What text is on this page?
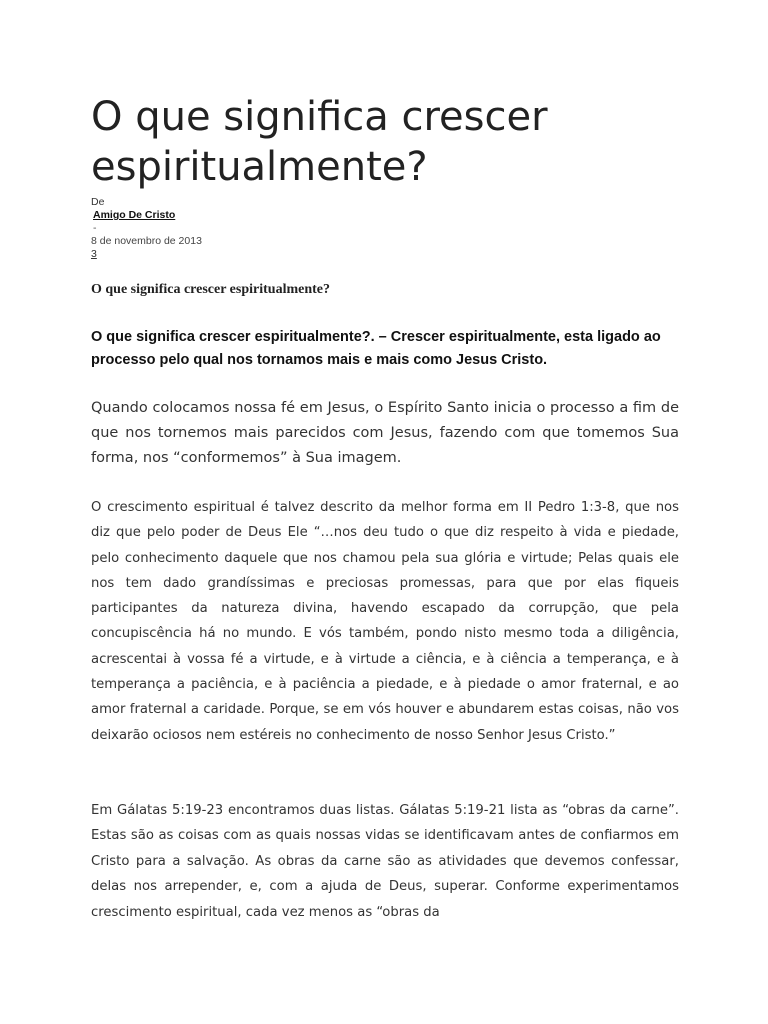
O que significa crescer espiritualmente?
De
Amigo De Cristo
-
8 de novembro de 2013
3

O que significa crescer espiritualmente?

O que significa crescer espiritualmente?. – Crescer espiritualmente, esta ligado ao processo pelo qual nos tornamos mais e mais como Jesus Cristo.

Quando colocamos nossa fé em Jesus, o Espírito Santo inicia o processo a fim de que nos tornemos mais parecidos com Jesus, fazendo com que tomemos Sua forma, nos “conformemos” à Sua imagem.

O crescimento espiritual é talvez descrito da melhor forma em II Pedro 1:3-8, que nos diz que pelo poder de Deus Ele “…nos deu tudo o que diz respeito à vida e piedade, pelo conhecimento daquele que nos chamou pela sua glória e virtude; Pelas quais ele nos tem dado grandíssimas e preciosas promessas, para que por elas fiqueis participantes da natureza divina, havendo escapado da corrupção, que pela concupiscência há no mundo. E vós também, pondo nisto mesmo toda a diligência, acrescentai à vossa fé a virtude, e à virtude a ciência, e à ciência a temperança, e à temperança a paciência, e à paciência a piedade, e à piedade o amor fraternal, e ao amor fraternal a caridade. Porque, se em vós houver e abundarem estas coisas, não vos deixarão ociosos nem estéreis no conhecimento de nosso Senhor Jesus Cristo.”

Em Gálatas 5:19-23 encontramos duas listas. Gálatas 5:19-21 lista as “obras da carne”. Estas são as coisas com as quais nossas vidas se identificavam antes de confiarmos em Cristo para a salvação. As obras da carne são as atividades que devemos confessar, delas nos arrepender, e, com a ajuda de Deus, superar. Conforme experimentamos crescimento espiritual, cada vez menos as “obras da
